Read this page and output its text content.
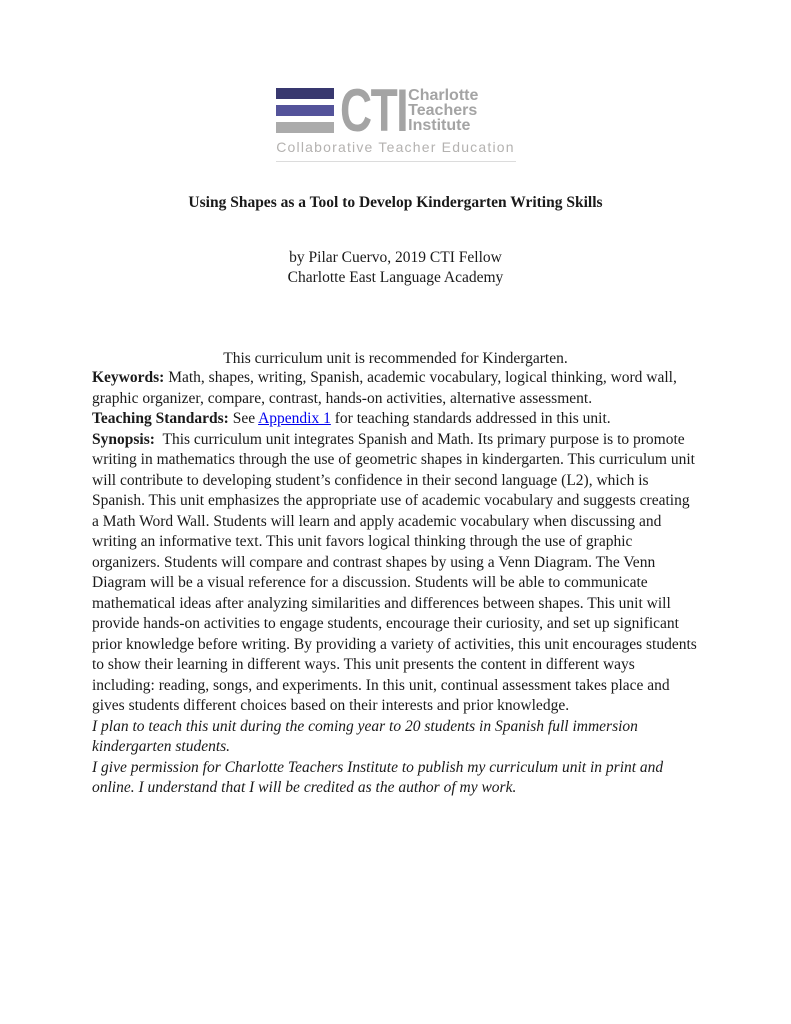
CTI Charlotte
Teachers
Institute
Collaborative Teacher Education
Using Shapes as a Tool to Develop Kindergarten Writing Skills
by Pilar Cuervo, 2019 CTI Fellow
Charlotte East Language Academy

This curriculum unit is recommended for Kindergarten.

Keywords: Math, shapes, writing, Spanish, academic vocabulary, logical thinking, word wall, graphic organizer, compare, contrast, hands-on activities, alternative assessment.

Teaching Standards: See Appendix 1 for teaching standards addressed in this unit.

Synopsis: This curriculum unit integrates Spanish and Math. Its primary purpose is to promote writing in mathematics through the use of geometric shapes in kindergarten. This curriculum unit will contribute to developing student’s confidence in their second language (L2), which is Spanish. This unit emphasizes the appropriate use of academic vocabulary and suggests creating a Math Word Wall. Students will learn and apply academic vocabulary when discussing and writing an informative text. This unit favors logical thinking through the use of graphic organizers. Students will compare and contrast shapes by using a Venn Diagram. The Venn Diagram will be a visual reference for a discussion. Students will be able to communicate mathematical ideas after analyzing similarities and differences between shapes. This unit will provide hands-on activities to engage students, encourage their curiosity, and set up significant prior knowledge before writing. By providing a variety of activities, this unit encourages students to show their learning in different ways. This unit presents the content in different ways including: reading, songs, and experiments. In this unit, continual assessment takes place and gives students different choices based on their interests and prior knowledge.

I plan to teach this unit during the coming year to 20 students in Spanish full immersion kindergarten students.

I give permission for Charlotte Teachers Institute to publish my curriculum unit in print and online. I understand that I will be credited as the author of my work.
